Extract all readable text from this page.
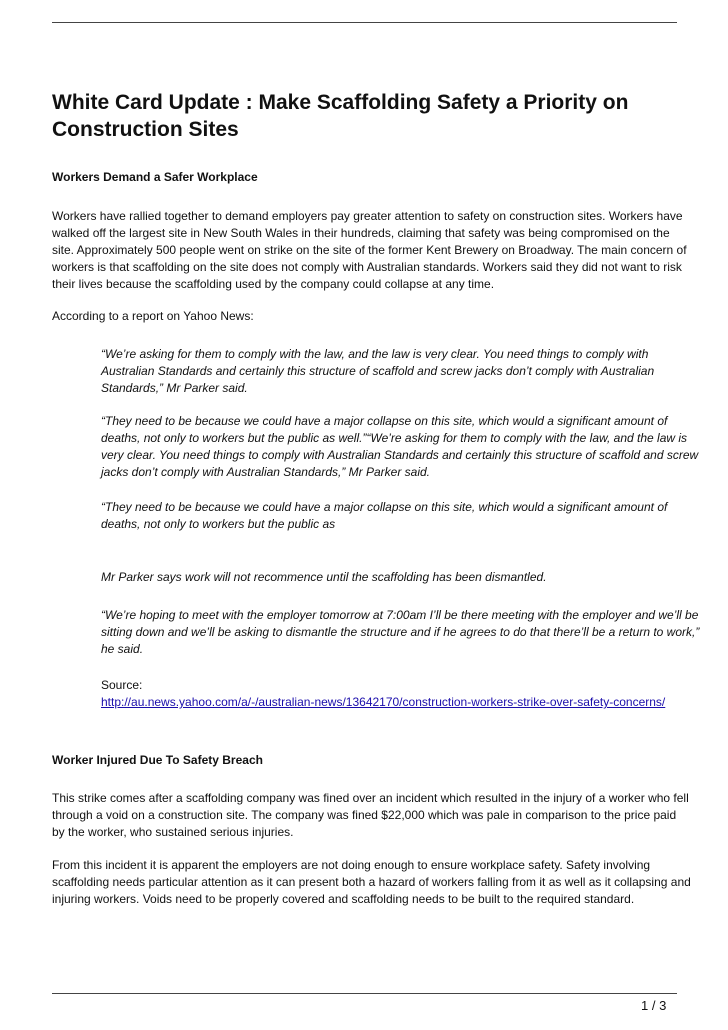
White Card Update : Make Scaffolding Safety a Priority on Construction Sites

Workers Demand a Safer Workplace

Workers have rallied together to demand employers pay greater attention to safety on construction sites. Workers have walked off the largest site in New South Wales in their hundreds, claiming that safety was being compromised on the site. Approximately 500 people went on strike on the site of the former Kent Brewery on Broadway. The main concern of workers is that scaffolding on the site does not comply with Australian standards. Workers said they did not want to risk their lives because the scaffolding used by the company could collapse at any time.

According to a report on Yahoo News:

“We’re asking for them to comply with the law, and the law is very clear. You need things to comply with Australian Standards and certainly this structure of scaffold and screw jacks don’t comply with Australian Standards,” Mr Parker said.

“They need to be because we could have a major collapse on this site, which would a significant amount of deaths, not only to workers but the public as well.”“We’re asking for them to comply with the law, and the law is very clear. You need things to comply with Australian Standards and certainly this structure of scaffold and screw jacks don’t comply with Australian Standards,” Mr Parker said.

“They need to be because we could have a major collapse on this site, which would a significant amount of deaths, not only to workers but the public as

Mr Parker says work will not recommence until the scaffolding has been dismantled.

“We’re hoping to meet with the employer tomorrow at 7:00am I’ll be there meeting with the employer and we’ll be sitting down and we’ll be asking to dismantle the structure and if he agrees to do that there’ll be a return to work,” he said.

Source:
http://au.news.yahoo.com/a/-/australian-news/13642170/construction-workers-strike-over-safety-concerns/

Worker Injured Due To Safety Breach

This strike comes after a scaffolding company was fined over an incident which resulted in the injury of a worker who fell through a void on a construction site. The company was fined $22,000 which was pale in comparison to the price paid by the worker, who sustained serious injuries.

From this incident it is apparent the employers are not doing enough to ensure workplace safety. Safety involving scaffolding needs particular attention as it can present both a hazard of workers falling from it as well as it collapsing and injuring workers. Voids need to be properly covered and scaffolding needs to be built to the required standard.

1 / 3
